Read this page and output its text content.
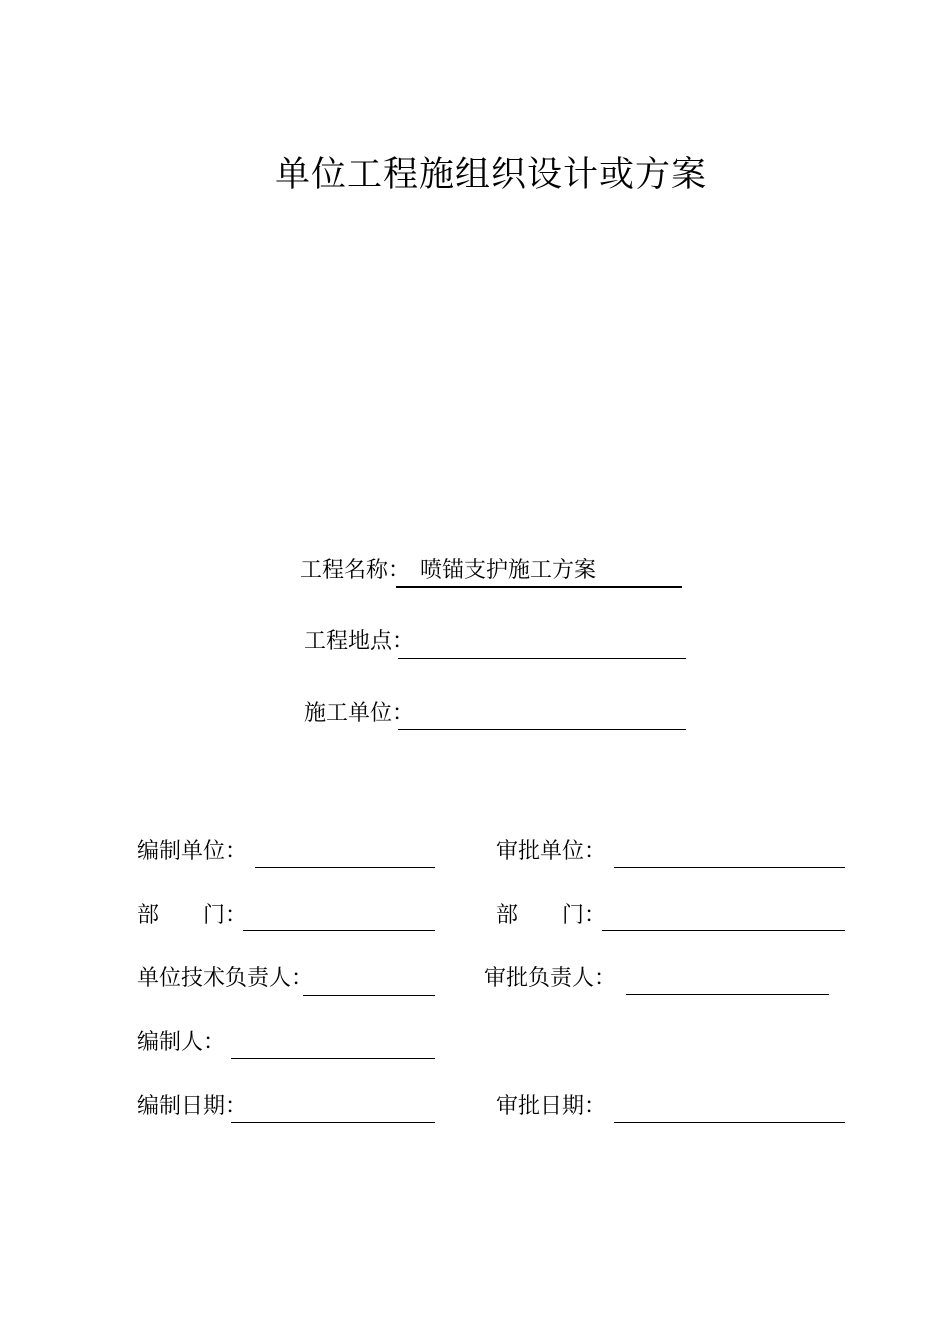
单位工程施组织设计或方案
工程名称： 喷锚支护施工方案
工程地点：
施工单位：
编制单位：	审批单位：
部　　门：	部　　门：
单位技术负责人：	审批负责人：
编制人：
编制日期：	审批日期：
